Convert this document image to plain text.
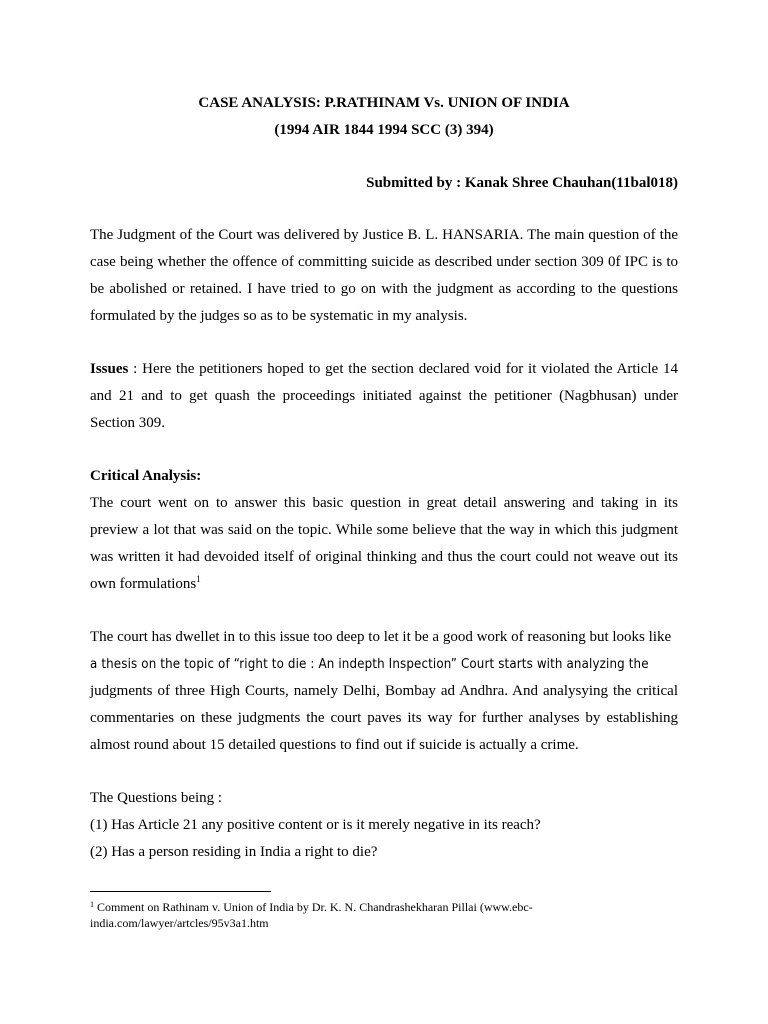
CASE ANALYSIS: P.RATHINAM Vs. UNION OF INDIA
(1994 AIR 1844 1994 SCC (3) 394)
Submitted by : Kanak Shree Chauhan(11bal018)
The Judgment of the Court was delivered by Justice B. L. HANSARIA. The main question of the case being whether the offence of committing suicide as described under section 309 0f IPC is to be abolished or retained. I have tried to go on with the judgment as according to the questions formulated by the judges so as to be systematic in my analysis.
Issues : Here the petitioners hoped to get the section declared void for it violated the Article 14 and 21 and to get quash the proceedings initiated against the petitioner (Nagbhusan) under Section 309.
Critical Analysis:
The court went on to answer this basic question in great detail answering and taking in its preview a lot that was said on the topic. While some believe that the way in which this judgment was written it had devoided itself of original thinking and thus the court could not weave out its own formulations$^1$
The court has dwellet in to this issue too deep to let it be a good work of reasoning but looks like
a thesis on the topic of “right to die : An indepth Inspection” Court starts with analyzing the
judgments of three High Courts, namely Delhi, Bombay ad Andhra. And analysying the critical commentaries on these judgments the court paves its way for further analyses by establishing almost round about 15 detailed questions to find out if suicide is actually a crime.
The Questions being :
(1) Has Article 21 any positive content or is it merely negative in its reach?
(2) Has a person residing in India a right to die?
$^1$ Comment on Rathinam v. Union of India by Dr. K. N. Chandrashekharan Pillai (www.ebc-india.com/lawyer/artcles/95v3a1.htm
